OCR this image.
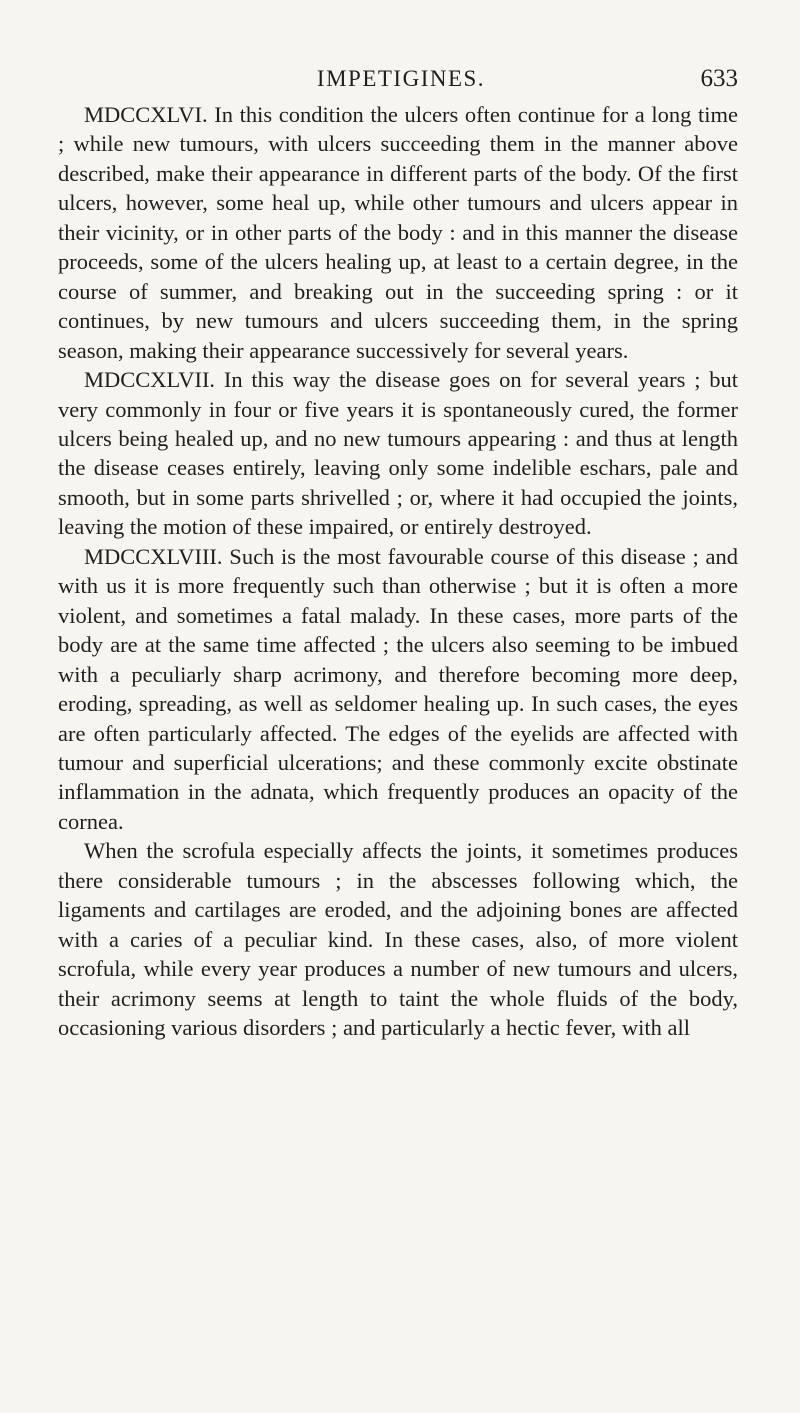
IMPETIGINES.	633

MDCCXLVI. In this condition the ulcers often continue for a long time ; while new tumours, with ulcers succeeding them in the manner above described, make their appearance in different parts of the body. Of the first ulcers, however, some heal up, while other tumours and ulcers appear in their vicinity, or in other parts of the body : and in this manner the disease proceeds, some of the ulcers healing up, at least to a certain degree, in the course of summer, and breaking out in the succeeding spring : or it continues, by new tumours and ulcers succeeding them, in the spring season, making their appearance successively for several years.

MDCCXLVII. In this way the disease goes on for several years ; but very commonly in four or five years it is spontaneously cured, the former ulcers being healed up, and no new tumours appearing : and thus at length the disease ceases entirely, leaving only some indelible eschars, pale and smooth, but in some parts shrivelled ; or, where it had occupied the joints, leaving the motion of these impaired, or entirely destroyed.

MDCCXLVIII. Such is the most favourable course of this disease ; and with us it is more frequently such than otherwise ; but it is often a more violent, and sometimes a fatal malady. In these cases, more parts of the body are at the same time affected ; the ulcers also seeming to be imbued with a peculiarly sharp acrimony, and therefore becoming more deep, eroding, spreading, as well as seldomer healing up. In such cases, the eyes are often particularly affected. The edges of the eyelids are affected with tumour and superficial ulcerations; and these commonly excite obstinate inflammation in the adnata, which frequently produces an opacity of the cornea.

When the scrofula especially affects the joints, it sometimes produces there considerable tumours ; in the abscesses following which, the ligaments and cartilages are eroded, and the adjoining bones are affected with a caries of a peculiar kind. In these cases, also, of more violent scrofula, while every year produces a number of new tumours and ulcers, their acrimony seems at length to taint the whole fluids of the body, occasioning various disorders ; and particularly a hectic fever, with all
